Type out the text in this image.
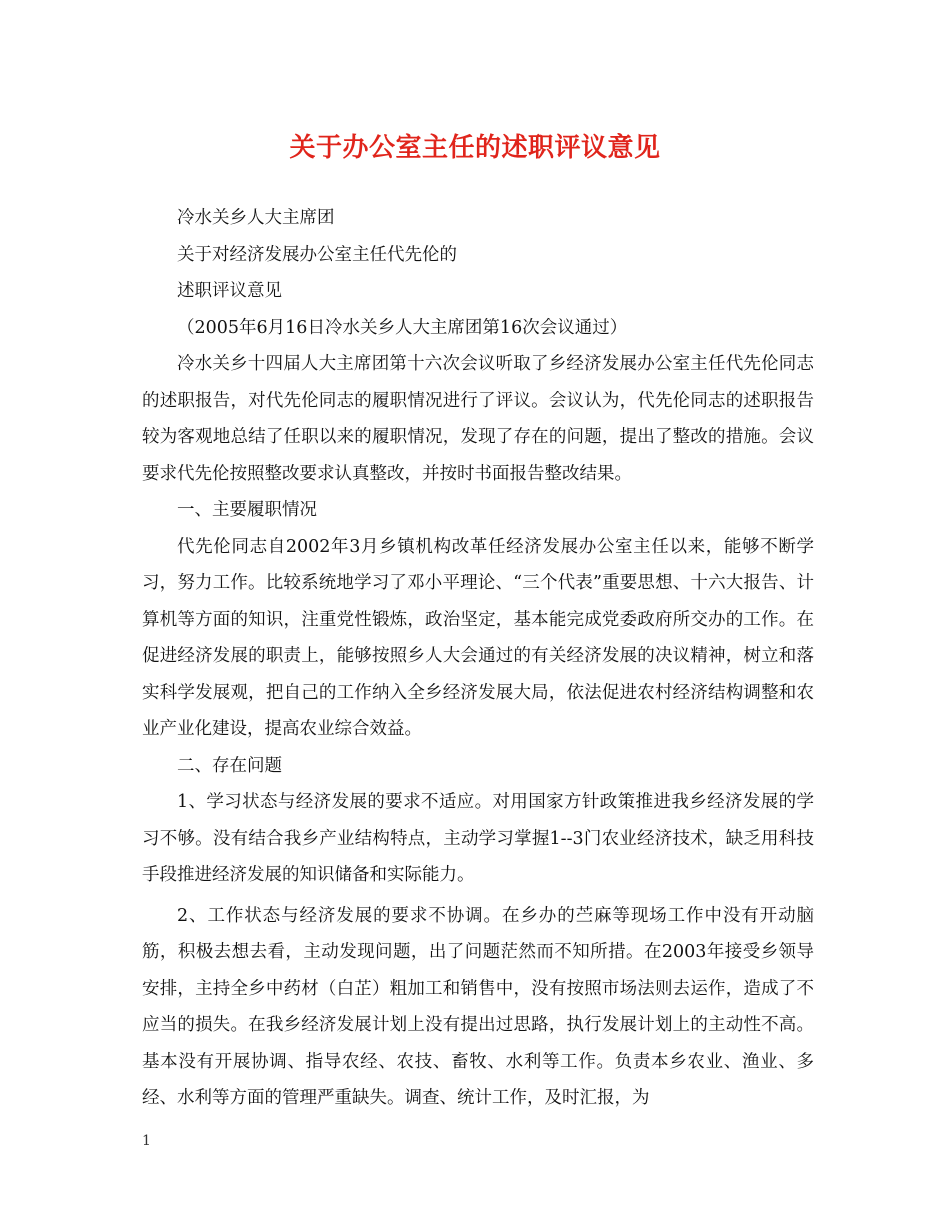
关于办公室主任的述职评议意见

冷水关乡人大主席团

关于对经济发展办公室主任代先伦的

述职评议意见

（2005年6月16日冷水关乡人大主席团第16次会议通过）

冷水关乡十四届人大主席团第十六次会议听取了乡经济发展办公室主任代先伦同志的述职报告，对代先伦同志的履职情况进行了评议。会议认为，代先伦同志的述职报告较为客观地总结了任职以来的履职情况，发现了存在的问题，提出了整改的措施。会议要求代先伦按照整改要求认真整改，并按时书面报告整改结果。

一、主要履职情况

代先伦同志自2002年3月乡镇机构改革任经济发展办公室主任以来，能够不断学习，努力工作。比较系统地学习了邓小平理论、“三个代表”重要思想、十六大报告、计算机等方面的知识，注重党性锻炼，政治坚定，基本能完成党委政府所交办的工作。在促进经济发展的职责上，能够按照乡人大会通过的有关经济发展的决议精神，树立和落实科学发展观，把自己的工作纳入全乡经济发展大局，依法促进农村经济结构调整和农业产业化建设，提高农业综合效益。

二、存在问题

1、学习状态与经济发展的要求不适应。对用国家方针政策推进我乡经济发展的学习不够。没有结合我乡产业结构特点，主动学习掌握1--3门农业经济技术，缺乏用科技手段推进经济发展的知识储备和实际能力。

2、工作状态与经济发展的要求不协调。在乡办的苎麻等现场工作中没有开动脑筋，积极去想去看，主动发现问题，出了问题茫然而不知所措。在2003年接受乡领导安排，主持全乡中药材（白芷）粗加工和销售中，没有按照市场法则去运作，造成了不应当的损失。在我乡经济发展计划上没有提出过思路，执行发展计划上的主动性不高。基本没有开展协调、指导农经、农技、畜牧、水利等工作。负责本乡农业、渔业、多经、水利等方面的管理严重缺失。调查、统计工作，及时汇报，为

1
